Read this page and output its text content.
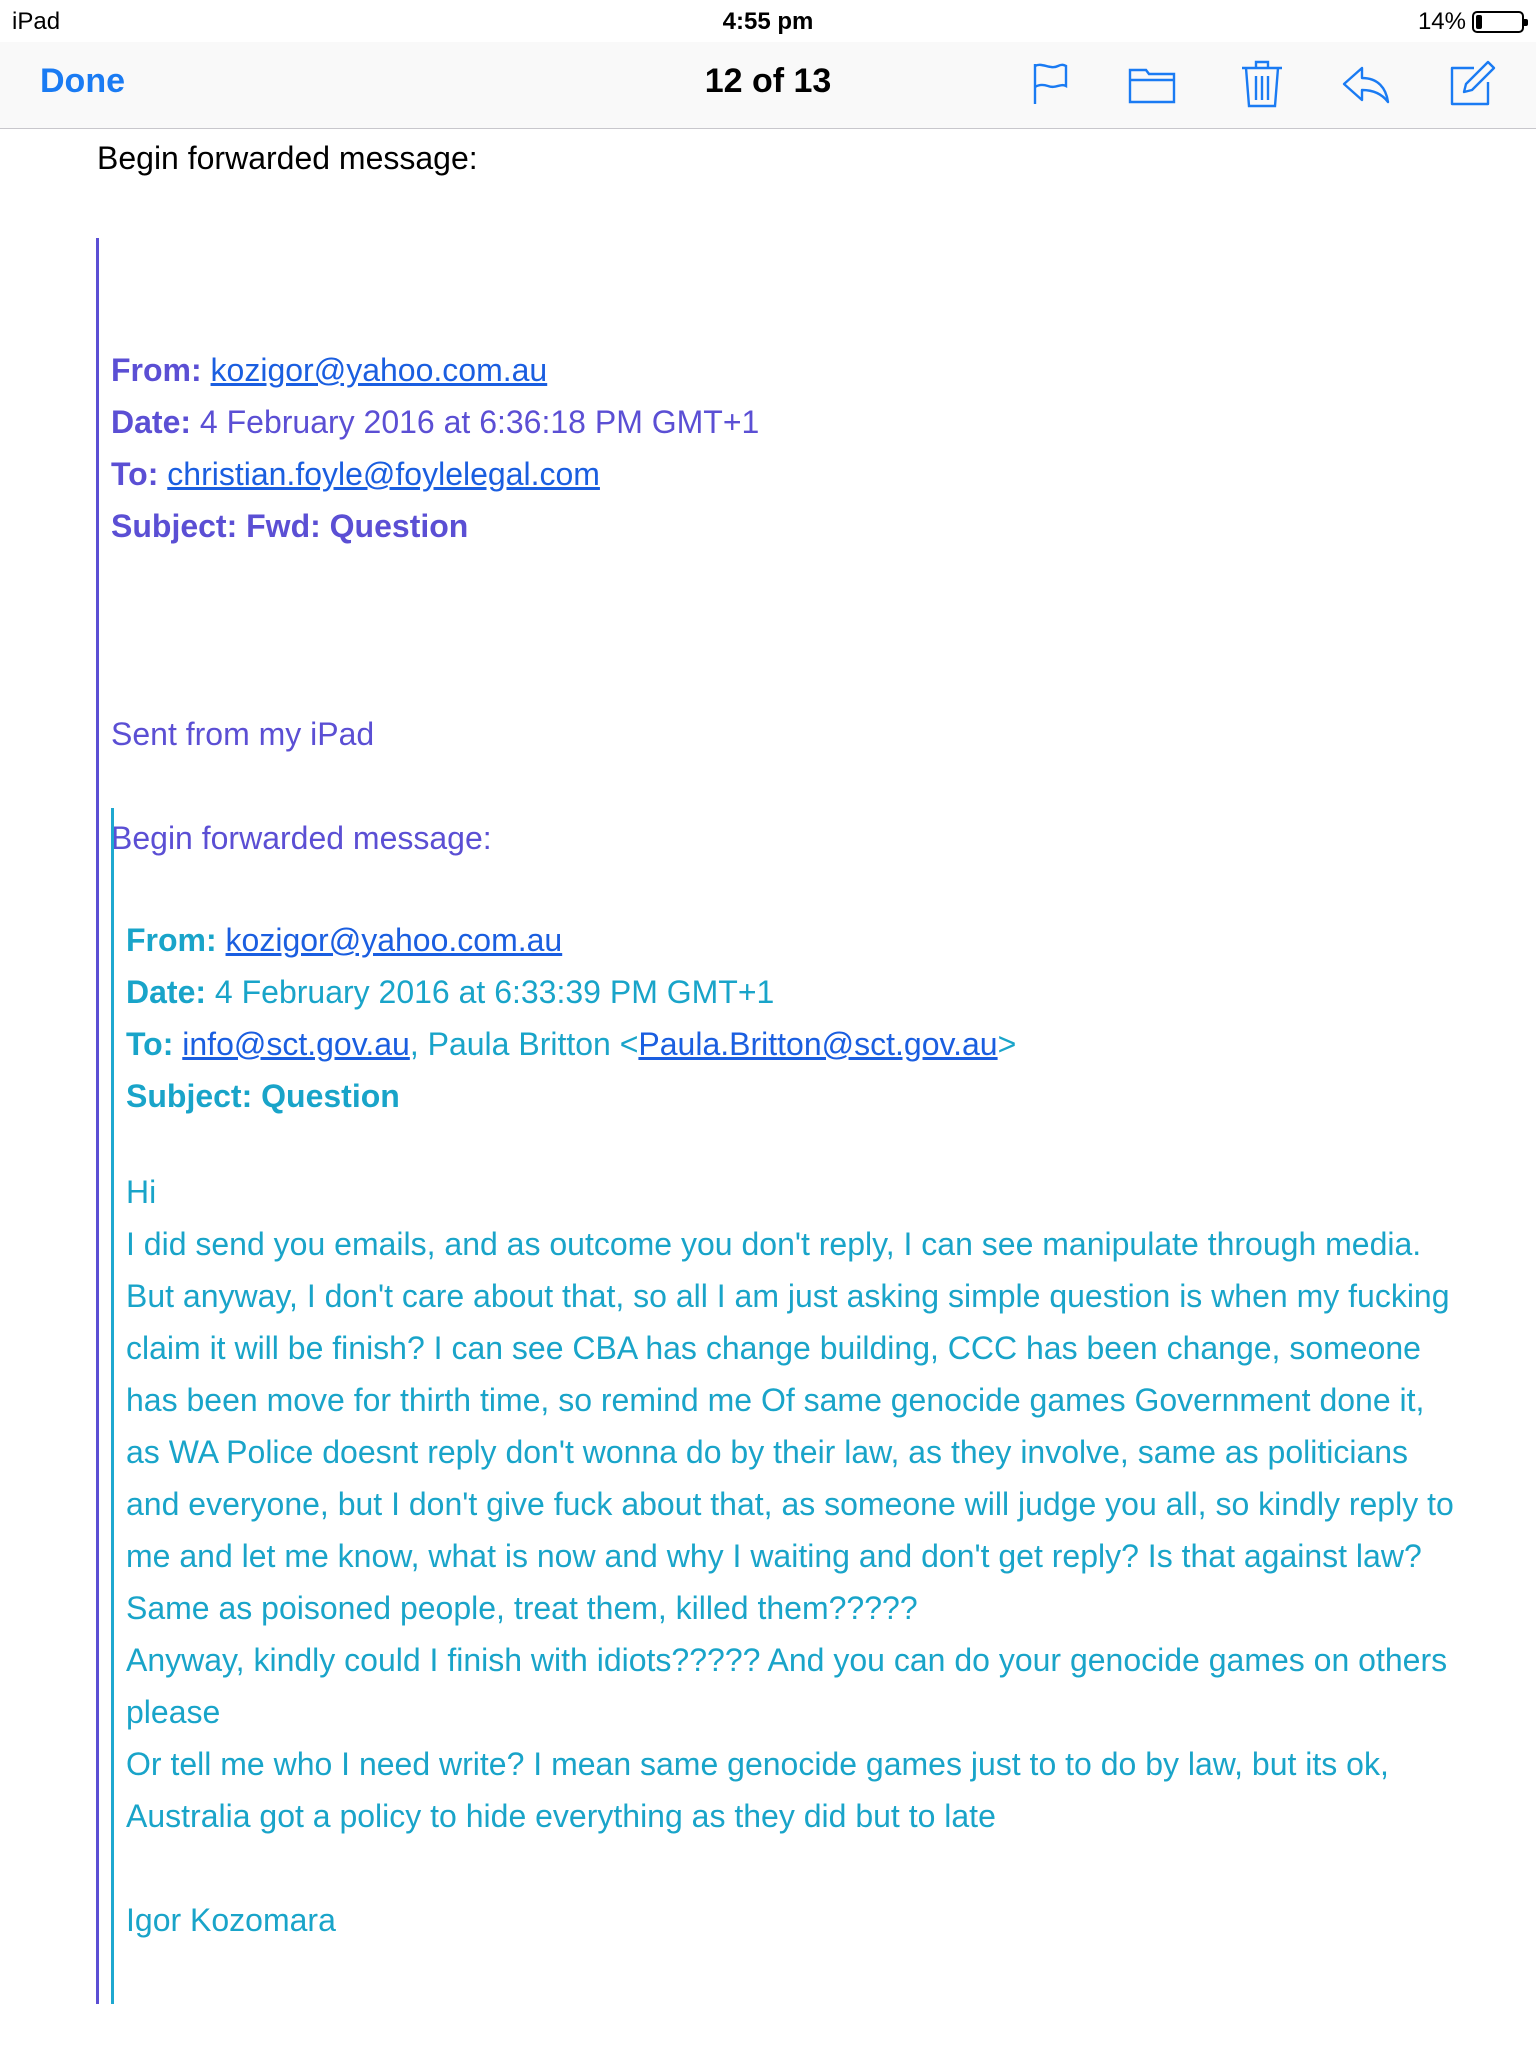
iPad	4:55 pm	14%
Done	12 of 13
Begin forwarded message:
From: kozigor@yahoo.com.au
Date: 4 February 2016 at 6:36:18 PM GMT+1
To: christian.foyle@foylelegal.com
Subject: Fwd: Question
Sent from my iPad
Begin forwarded message:
From: kozigor@yahoo.com.au
Date: 4 February 2016 at 6:33:39 PM GMT+1
To: info@sct.gov.au, Paula Britton <Paula.Britton@sct.gov.au>
Subject: Question

Hi

I did send you emails, and as outcome you don't reply, I can see manipulate through media.

But anyway, I don't care about that, so all I am just asking simple question is when my fucking claim it will be finish? I can see CBA has change building, CCC has been change, someone has been move for thirth time, so remind me Of same genocide games Government done it, as WA Police doesnt reply don't wonna do by their law, as they involve, same as politicians and everyone, but I don't give fuck about that, as someone will judge you all, so kindly reply to me and let me know, what is now and why I waiting and don't get reply? Is that against law? Same as poisoned people, treat them, killed them?????

Anyway, kindly could I finish with idiots????? And you can do your genocide games on others please

Or tell me who I need write? I mean same genocide games just to to do by law, but its ok, Australia got a policy to hide everything as they did but to late

Igor Kozomara
